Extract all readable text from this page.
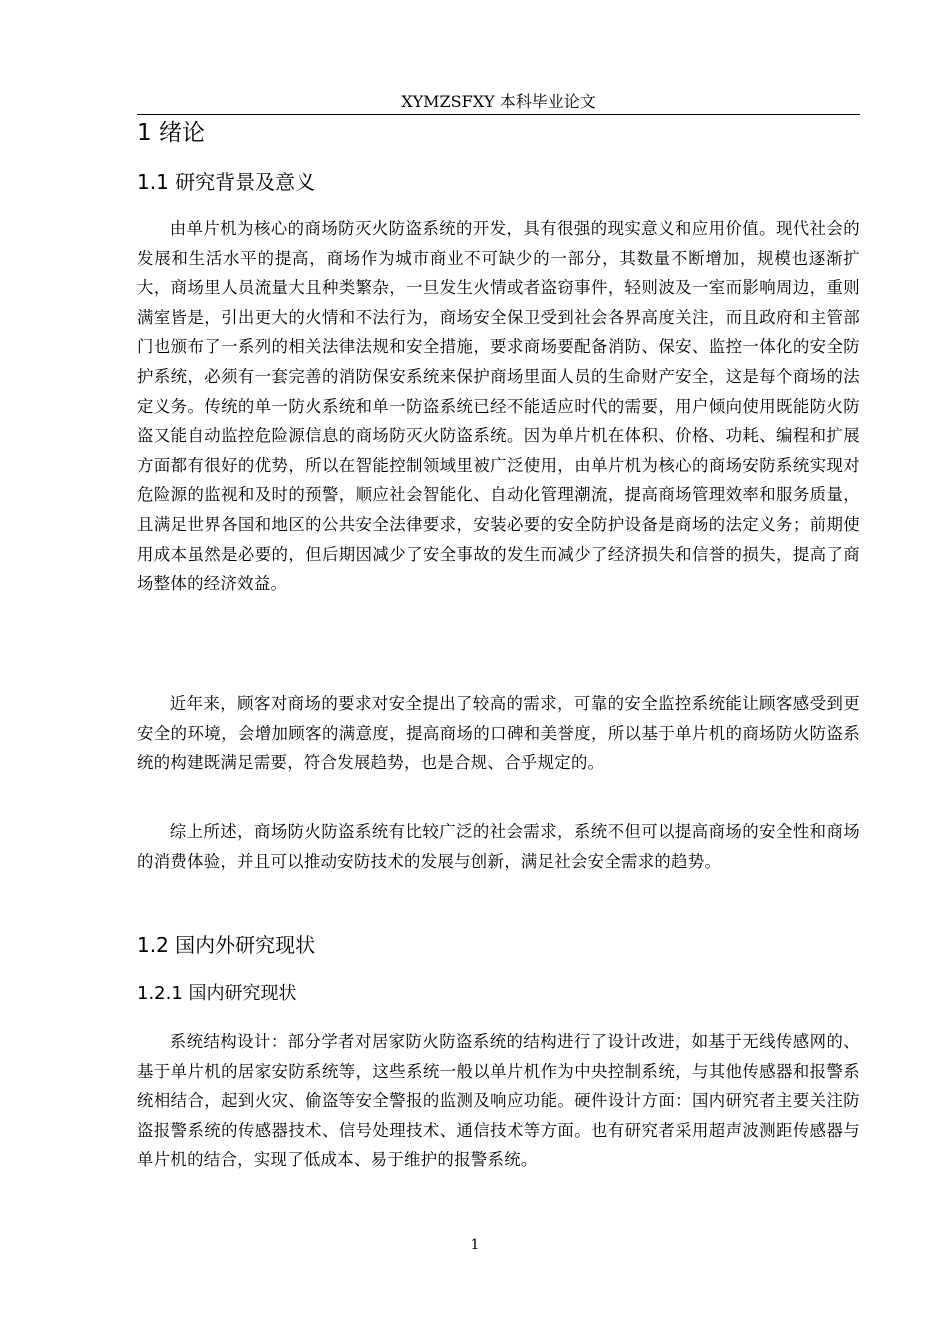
XYMZSFXY 本科毕业论文
1 绪论
1.1 研究背景及意义

由单片机为核心的商场防灭火防盗系统的开发，具有很强的现实意义和应用价值。现代社会的发展和生活水平的提高，商场作为城市商业不可缺少的一部分，其数量不断增加，规模也逐渐扩大，商场里人员流量大且种类繁杂，一旦发生火情或者盗窃事件，轻则波及一室而影响周边，重则满室皆是，引出更大的火情和不法行为，商场安全保卫受到社会各界高度关注，而且政府和主管部门也颁布了一系列的相关法律法规和安全措施，要求商场要配备消防、保安、监控一体化的安全防护系统，必须有一套完善的消防保安系统来保护商场里面人员的生命财产安全，这是每个商场的法定义务。传统的单一防火系统和单一防盗系统已经不能适应时代的需要，用户倾向使用既能防火防盗又能自动监控危险源信息的商场防灭火防盗系统。因为单片机在体积、价格、功耗、编程和扩展方面都有很好的优势，所以在智能控制领域里被广泛使用，由单片机为核心的商场安防系统实现对危险源的监视和及时的预警，顺应社会智能化、自动化管理潮流，提高商场管理效率和服务质量，且满足世界各国和地区的公共安全法律要求，安装必要的安全防护设备是商场的法定义务；前期使用成本虽然是必要的，但后期因减少了安全事故的发生而减少了经济损失和信誉的损失，提高了商场整体的经济效益。

近年来，顾客对商场的要求对安全提出了较高的需求，可靠的安全监控系统能让顾客感受到更安全的环境，会增加顾客的满意度，提高商场的口碑和美誉度，所以基于单片机的商场防火防盗系统的构建既满足需要，符合发展趋势，也是合规、合乎规定的。

综上所述，商场防火防盗系统有比较广泛的社会需求，系统不但可以提高商场的安全性和商场的消费体验，并且可以推动安防技术的发展与创新，满足社会安全需求的趋势。

1.2 国内外研究现状
1.2.1 国内研究现状

系统结构设计：部分学者对居家防火防盗系统的结构进行了设计改进，如基于无线传感网的、基于单片机的居家安防系统等，这些系统一般以单片机作为中央控制系统，与其他传感器和报警系统相结合，起到火灾、偷盗等安全警报的监测及响应功能。硬件设计方面：国内研究者主要关注防盗报警系统的传感器技术、信号处理技术、通信技术等方面。也有研究者采用超声波测距传感器与单片机的结合，实现了低成本、易于维护的报警系统。

1
